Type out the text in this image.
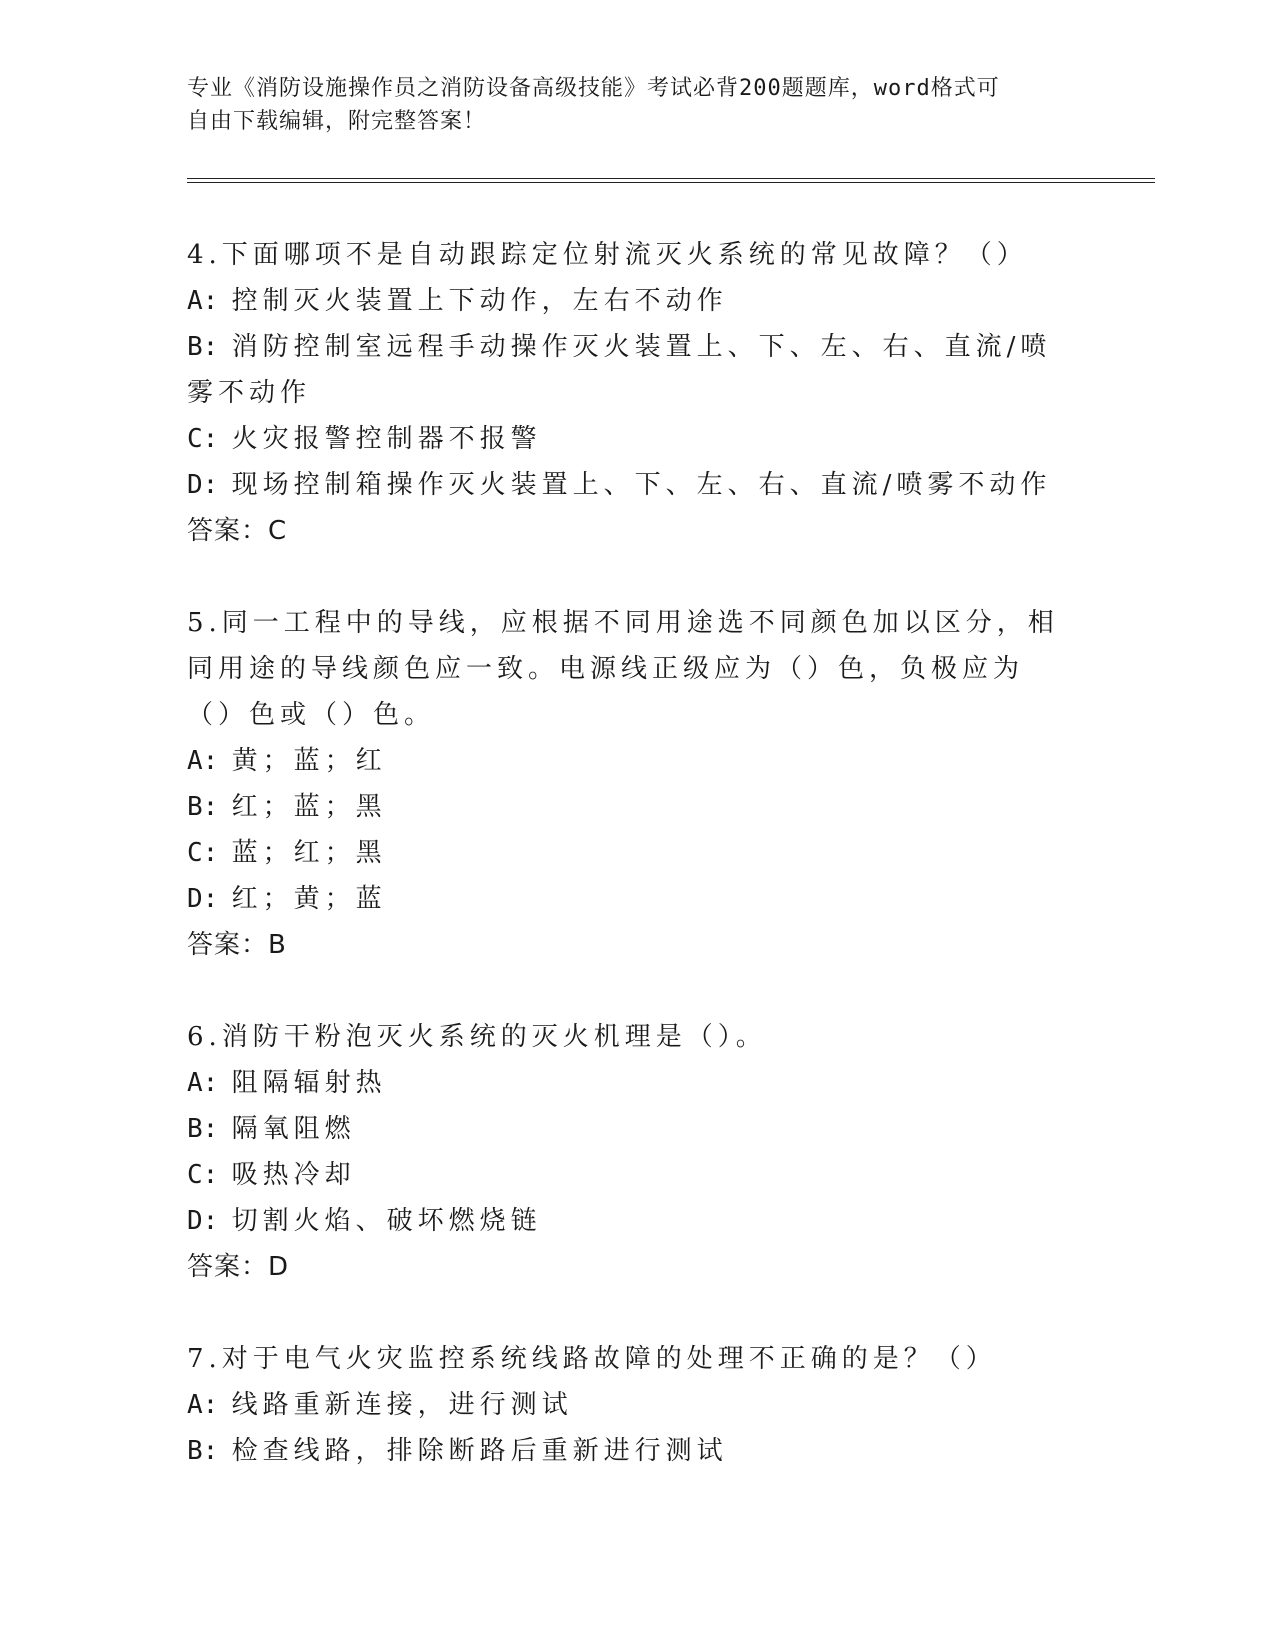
专业《消防设施操作员之消防设备高级技能》考试必背200题题库，word格式可
自由下载编辑，附完整答案！

4.下面哪项不是自动跟踪定位射流灭火系统的常见故障？（）

A: 控制灭火装置上下动作，左右不动作

B: 消防控制室远程手动操作灭火装置上、下、左、右、直流/喷雾不动作

C: 火灾报警控制器不报警

D: 现场控制箱操作灭火装置上、下、左、右、直流/喷雾不动作

答案：C

5.同一工程中的导线，应根据不同用途选不同颜色加以区分，相同用途的导线颜色应一致。电源线正级应为（）色，负极应为（）色或（）色。

A: 黄；蓝；红

B: 红；蓝；黑

C: 蓝；红；黑

D: 红；黄；蓝

答案：B

6.消防干粉泡灭火系统的灭火机理是（）。

A: 阻隔辐射热

B: 隔氧阻燃

C: 吸热冷却

D: 切割火焰、破坏燃烧链

答案：D

7.对于电气火灾监控系统线路故障的处理不正确的是？（）

A: 线路重新连接，进行测试

B: 检查线路，排除断路后重新进行测试
